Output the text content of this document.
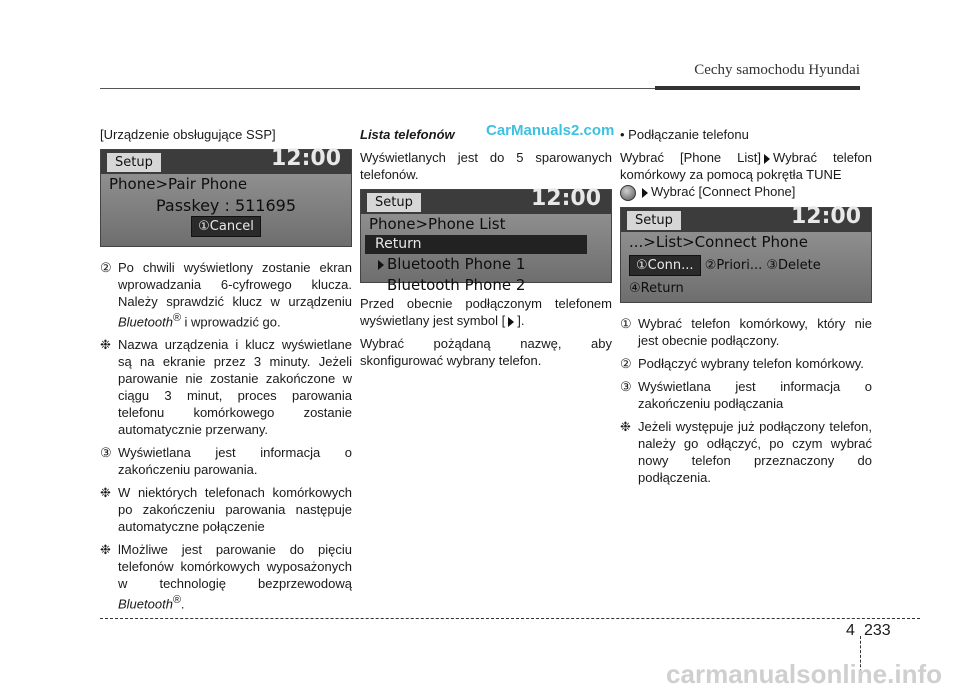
Cechy samochodu Hyundai
CarManuals2.com

[Urządzenie obsługujące SSP]

Setup	12:00
Phone>Pair Phone
Passkey : 511695
①Cancel

② Po chwili wyświetlony zostanie ekran wprowadzania 6-cyfrowego klucza. Należy sprawdzić klucz w urządzeniu Bluetooth® i wprowadzić go.

❉ Nazwa urządzenia i klucz wyświetlane są na ekranie przez 3 minuty. Jeżeli parowanie nie zostanie zakończone w ciągu 3 minut, proces parowania telefonu komórkowego zostanie automatycznie przerwany.

③ Wyświetlana jest informacja o zakończeniu parowania.

❉ W niektórych telefonach komórkowych po zakończeniu parowania następuje automatyczne połączenie

❉ lMożliwe jest parowanie do pięciu telefonów komórkowych wyposażonych w technologię bezprzewodową Bluetooth®.

Lista telefonów

Wyświetlanych jest do 5 sparowanych telefonów.

Setup	12:00
Phone>Phone List
Return
Bluetooth Phone 1
Bluetooth Phone 2

Przed obecnie podłączonym telefonem wyświetlany jest symbol [ ].

Wybrać pożądaną nazwę, aby skonfigurować wybrany telefon.

• Podłączanie telefonu

Wybrać [Phone List] Wybrać telefon komórkowy za pomocą pokrętła TUNE
Wybrać [Connect Phone]

Setup	12:00
...>List>Connect Phone
①Conn... ②Priori... ③Delete
④Return

① Wybrać telefon komórkowy, który nie jest obecnie podłączony.

② Podłączyć wybrany telefon komórkowy.

③ Wyświetlana jest informacja o zakończeniu podłączania

❉ Jeżeli występuje już podłączony telefon, należy go odłączyć, po czym wybrać nowy telefon przeznaczony do podłączenia.

4 233
carmanualsonline.info
